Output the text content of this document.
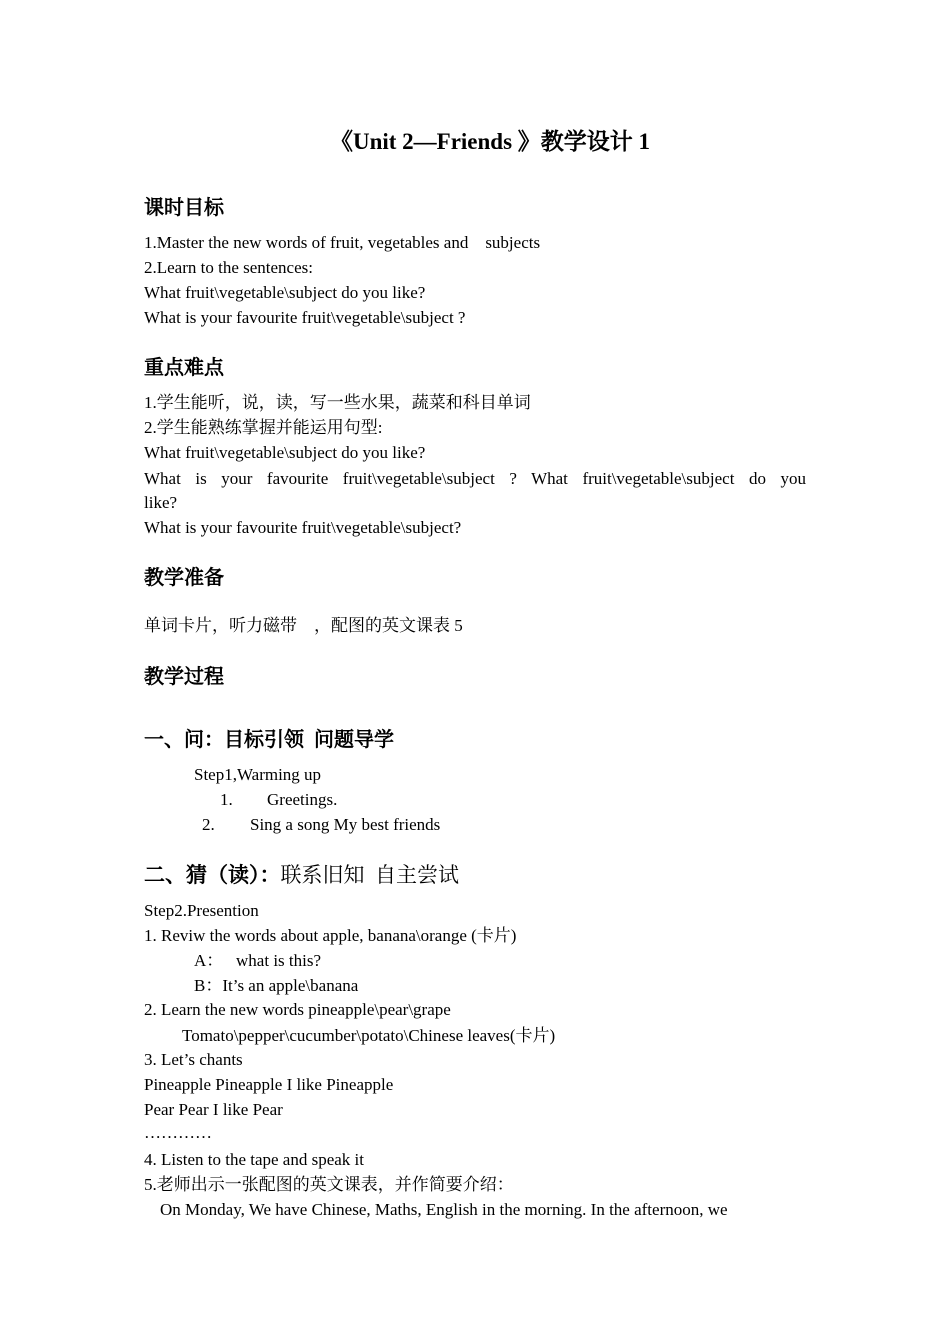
《Unit 2—Friends 》教学设计 1
课时目标
1.Master the new words of fruit, vegetables and    subjects
2.Learn to the sentences:
What fruit\vegetable\subject do you like?
What is your favourite fruit\vegetable\subject ?
重点难点
1.学生能听，说，读，写一些水果，蔬菜和科目单词
2.学生能熟练掌握并能运用句型:
What fruit\vegetable\subject do you like?
What is your favourite fruit\vegetable\subject ? What fruit\vegetable\subject do you
like?
What is your favourite fruit\vegetable\subject?
教学准备
单词卡片，听力磁带    ，配图的英文课表 5
教学过程
一、问：目标引领  问题导学
Step1,Warming up
1. Greetings.
2. Sing a song My best friends
二、猜（读）：联系旧知  自主尝试
Step2.Presention
1. Reviw the words about apple, banana\orange (卡片)
A：   what is this?
B：It’s an apple\banana
2. Learn the new words pineapple\pear\grape
Tomato\pepper\cucumber\potato\Chinese leaves(卡片)
3. Let’s chants
Pineapple Pineapple I like Pineapple
Pear Pear I like Pear
…………
4. Listen to the tape and speak it
5.老师出示一张配图的英文课表，并作简要介绍：
On Monday, We have Chinese, Maths, English in the morning. In the afternoon, we
